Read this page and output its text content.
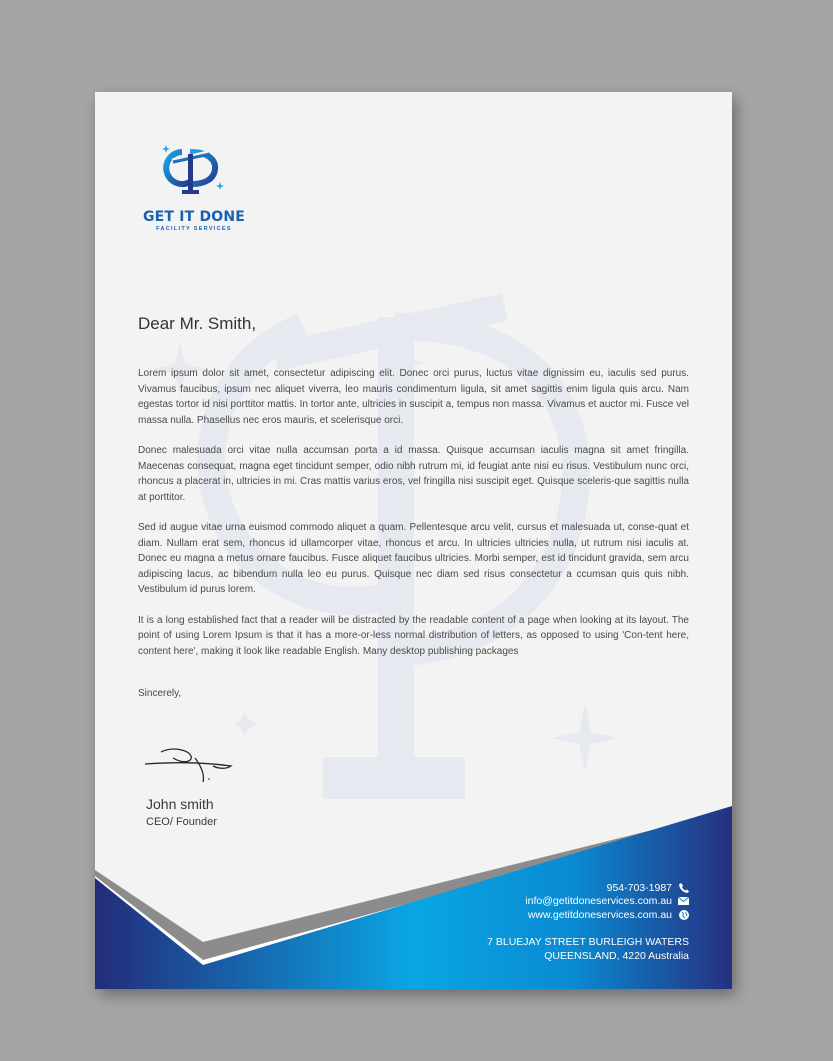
GET IT DONE
FACILITY SERVICES
Dear Mr. Smith,

Lorem ipsum dolor sit amet, consectetur adipiscing elit. Donec orci purus, luctus vitae dignissim eu, iaculis sed purus. Vivamus faucibus, ipsum nec aliquet viverra, leo mauris condimentum ligula, sit amet sagittis enim ligula quis arcu. Nam egestas tortor id nisi porttitor mattis. In tortor ante, ultricies in suscipit a, tempus non massa. Vivamus et auctor mi. Fusce vel massa nulla. Phasellus nec eros mauris, et scelerisque orci.

Donec malesuada orci vitae nulla accumsan porta a id massa. Quisque accumsan iaculis magna sit amet fringilla. Maecenas consequat, magna eget tincidunt semper, odio nibh rutrum mi, id feugiat ante nisi eu risus. Vestibulum nunc orci, rhoncus a placerat in, ultricies in mi. Cras mattis varius eros, vel fringilla nisi suscipit eget. Quisque sceleris-que sagittis nulla at porttitor.

Sed id augue vitae urna euismod commodo aliquet a quam. Pellentesque arcu velit, cursus et malesuada ut, conse-quat et diam. Nullam erat sem, rhoncus id ullamcorper vitae, rhoncus et arcu. In ultricies ultricies nulla, ut rutrum nisi iaculis at. Donec eu magna a metus ornare faucibus. Fusce aliquet faucibus ultricies. Morbi semper, est id tincidunt gravida, sem arcu adipiscing lacus, ac bibendum nulla leo eu purus. Quisque nec diam sed risus consectetur a ccumsan quis quis nibh. Vestibulum id purus lorem.

It is a long established fact that a reader will be distracted by the readable content of a page when looking at its layout. The point of using Lorem Ipsum is that it has a more-or-less normal distribution of letters, as opposed to using 'Con-tent here, content here', making it look like readable English. Many desktop publishing packages

Sincerely,
John smith
CEO/ Founder
954-703-1987
info@getitdoneservices.com.au
www.getitdoneservices.com.au
7 BLUEJAY STREET BURLEIGH WATERS
QUEENSLAND, 4220 Australia
